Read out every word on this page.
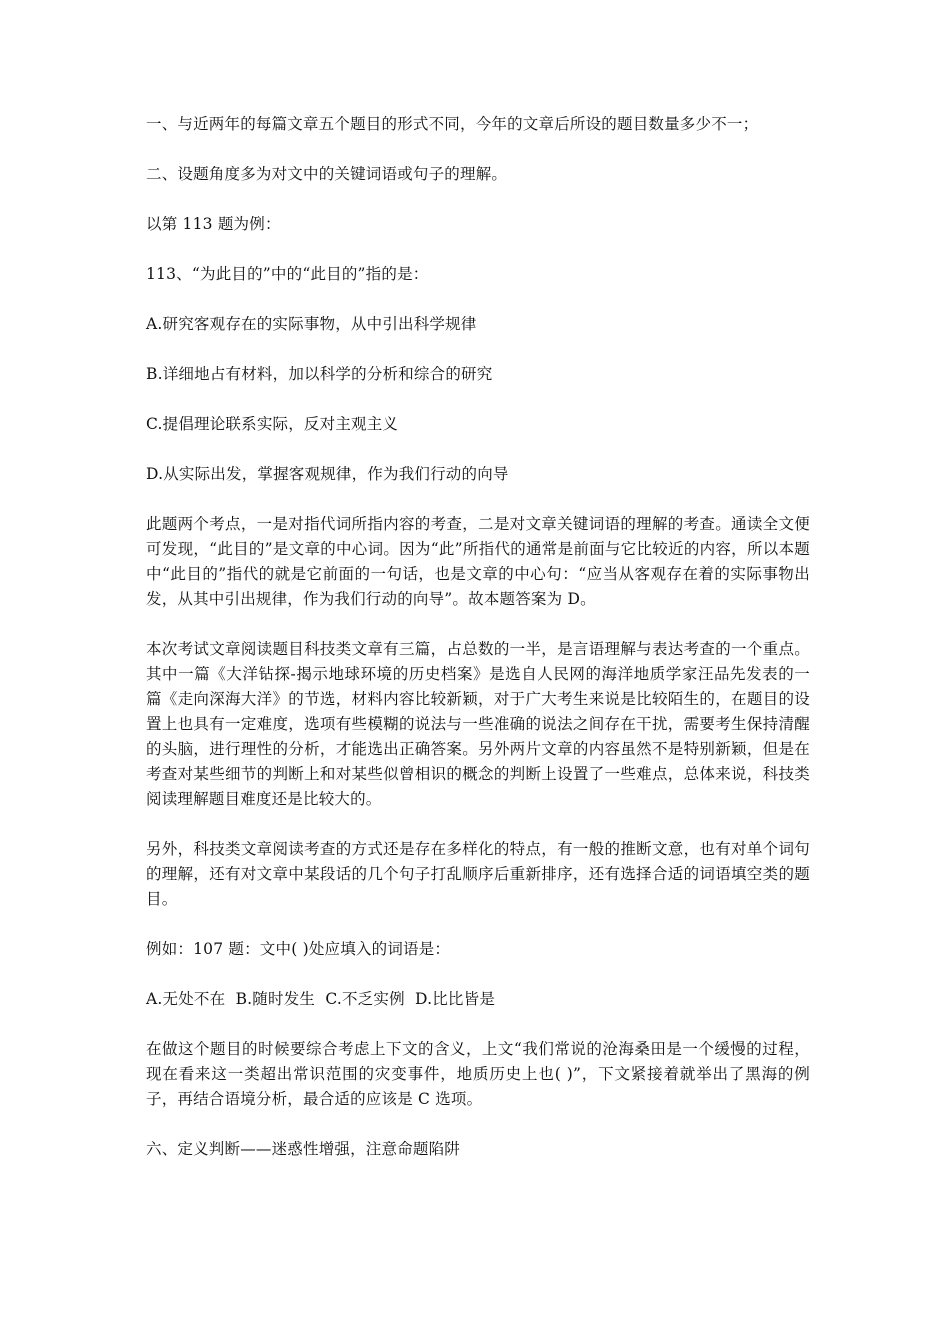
一、与近两年的每篇文章五个题目的形式不同，今年的文章后所设的题目数量多少不一；

二、设题角度多为对文中的关键词语或句子的理解。

以第 113 题为例：

113、“为此目的”中的“此目的”指的是：

A.研究客观存在的实际事物，从中引出科学规律

B.详细地占有材料，加以科学的分析和综合的研究

C.提倡理论联系实际，反对主观主义

D.从实际出发，掌握客观规律，作为我们行动的向导

此题两个考点，一是对指代词所指内容的考查，二是对文章关键词语的理解的考查。通读全文便可发现，“此目的”是文章的中心词。因为“此”所指代的通常是前面与它比较近的内容，所以本题中“此目的”指代的就是它前面的一句话，也是文章的中心句：“应当从客观存在着的实际事物出发，从其中引出规律，作为我们行动的向导”。故本题答案为 D。

本次考试文章阅读题目科技类文章有三篇，占总数的一半，是言语理解与表达考查的一个重点。其中一篇《大洋钻探-揭示地球环境的历史档案》是选自人民网的海洋地质学家汪品先发表的一篇《走向深海大洋》的节选，材料内容比较新颖，对于广大考生来说是比较陌生的，在题目的设置上也具有一定难度，选项有些模糊的说法与一些准确的说法之间存在干扰，需要考生保持清醒的头脑，进行理性的分析，才能选出正确答案。另外两片文章的内容虽然不是特别新颖，但是在考查对某些细节的判断上和对某些似曾相识的概念的判断上设置了一些难点，总体来说，科技类阅读理解题目难度还是比较大的。

另外，科技类文章阅读考查的方式还是存在多样化的特点，有一般的推断文意，也有对单个词句的理解，还有对文章中某段话的几个句子打乱顺序后重新排序，还有选择合适的词语填空类的题目。

例如：107 题：文中( )处应填入的词语是：

A.无处不在  B.随时发生  C.不乏实例  D.比比皆是

在做这个题目的时候要综合考虑上下文的含义，上文“我们常说的沧海桑田是一个缓慢的过程，现在看来这一类超出常识范围的灾变事件，地质历史上也( )”，下文紧接着就举出了黑海的例子，再结合语境分析，最合适的应该是 C 选项。

六、定义判断——迷惑性增强，注意命题陷阱
